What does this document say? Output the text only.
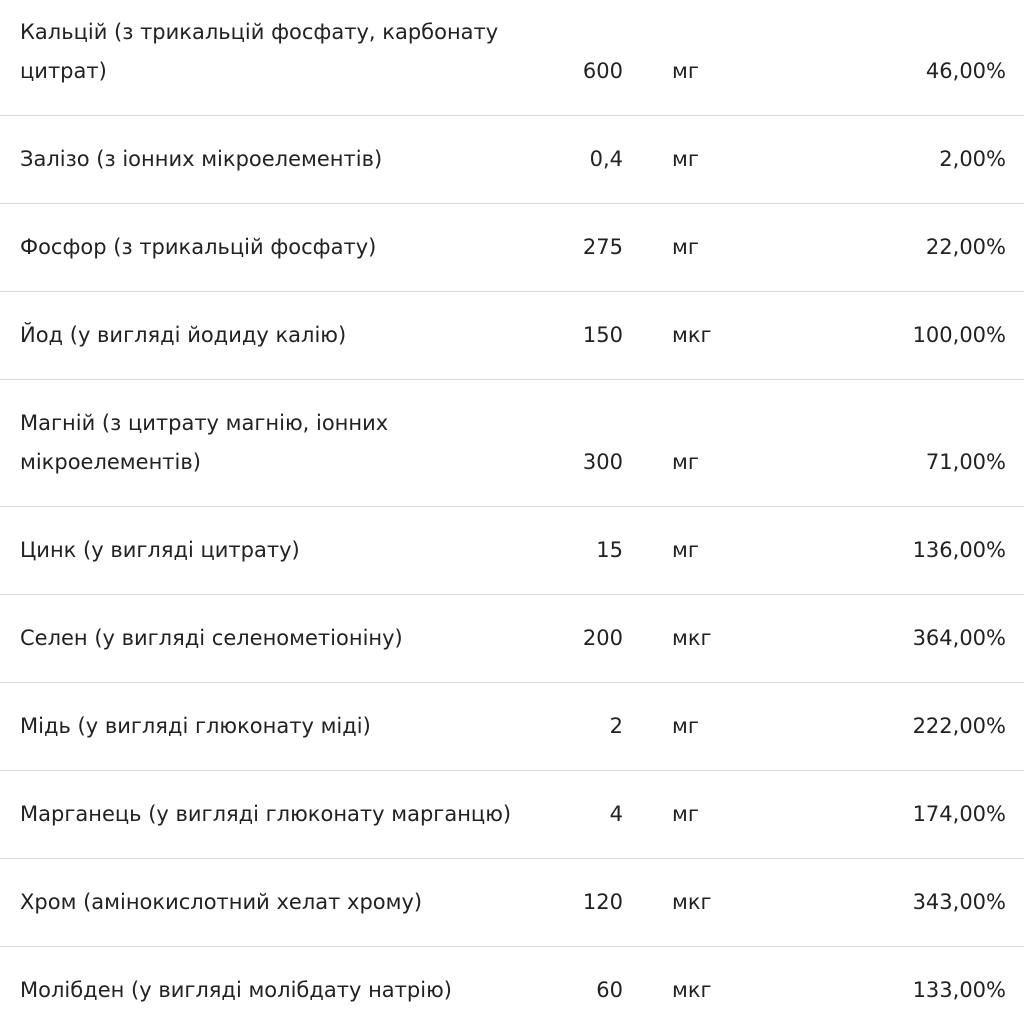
Кальцій (з трикальцій фосфату, карбонату цитрат)	600	мг	46,00%
Залізо (з іонних мікроелементів)	0,4	мг	2,00%
Фосфор (з трикальцій фосфату)	275	мг	22,00%
Йод (у вигляді йодиду калію)	150	мкг	100,00%
Магній (з цитрату магнію, іонних мікроелементів)	300	мг	71,00%
Цинк (у вигляді цитрату)	15	мг	136,00%
Селен (у вигляді селенометіоніну)	200	мкг	364,00%
Мідь (у вигляді глюконату міді)	2	мг	222,00%
Марганець (у вигляді глюконату марганцю)	4	мг	174,00%
Хром (амінокислотний хелат хрому)	120	мкг	343,00%
Молібден (у вигляді молібдату натрію)	60	мкг	133,00%
